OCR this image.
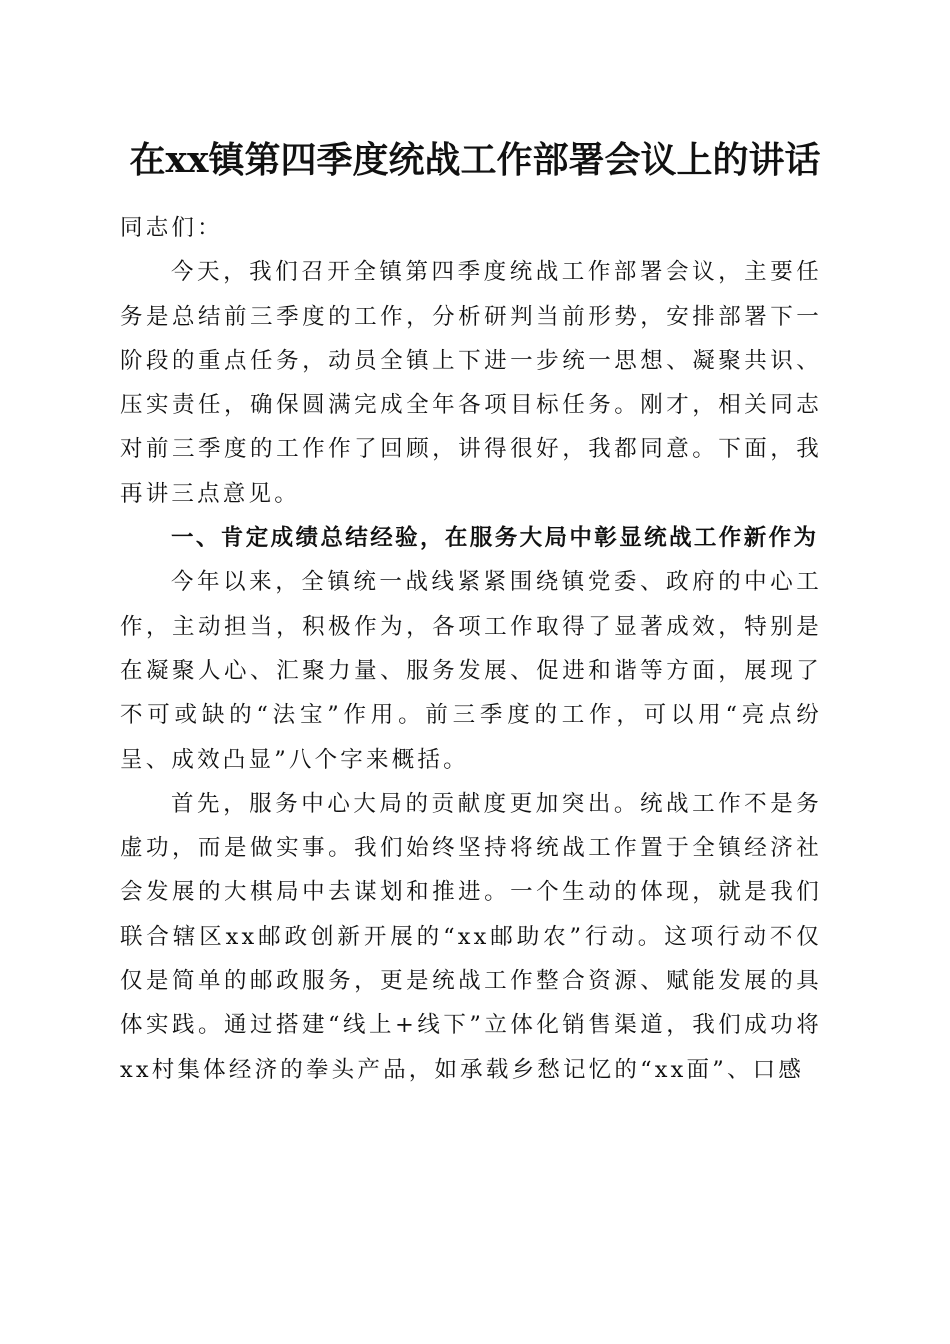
在xx镇第四季度统战工作部署会议上的讲话

同志们：

今天，我们召开全镇第四季度统战工作部署会议，主要任务是总结前三季度的工作，分析研判当前形势，安排部署下一阶段的重点任务，动员全镇上下进一步统一思想、凝聚共识、压实责任，确保圆满完成全年各项目标任务。刚才，相关同志对前三季度的工作作了回顾，讲得很好，我都同意。下面，我再讲三点意见。

一、肯定成绩总结经验，在服务大局中彰显统战工作新作为

今年以来，全镇统一战线紧紧围绕镇党委、政府的中心工作，主动担当，积极作为，各项工作取得了显著成效，特别是在凝聚人心、汇聚力量、服务发展、促进和谐等方面，展现了不可或缺的“法宝”作用。前三季度的工作，可以用“亮点纷呈、成效凸显”八个字来概括。

首先，服务中心大局的贡献度更加突出。统战工作不是务虚功，而是做实事。我们始终坚持将统战工作置于全镇经济社会发展的大棋局中去谋划和推进。一个生动的体现，就是我们联合辖区xx邮政创新开展的“xx邮助农”行动。这项行动不仅仅是简单的邮政服务，更是统战工作整合资源、赋能发展的具体实践。通过搭建“线上+线下”立体化销售渠道，我们成功将xx村集体经济的拳头产品，如承载乡愁记忆的“xx面”、口感
